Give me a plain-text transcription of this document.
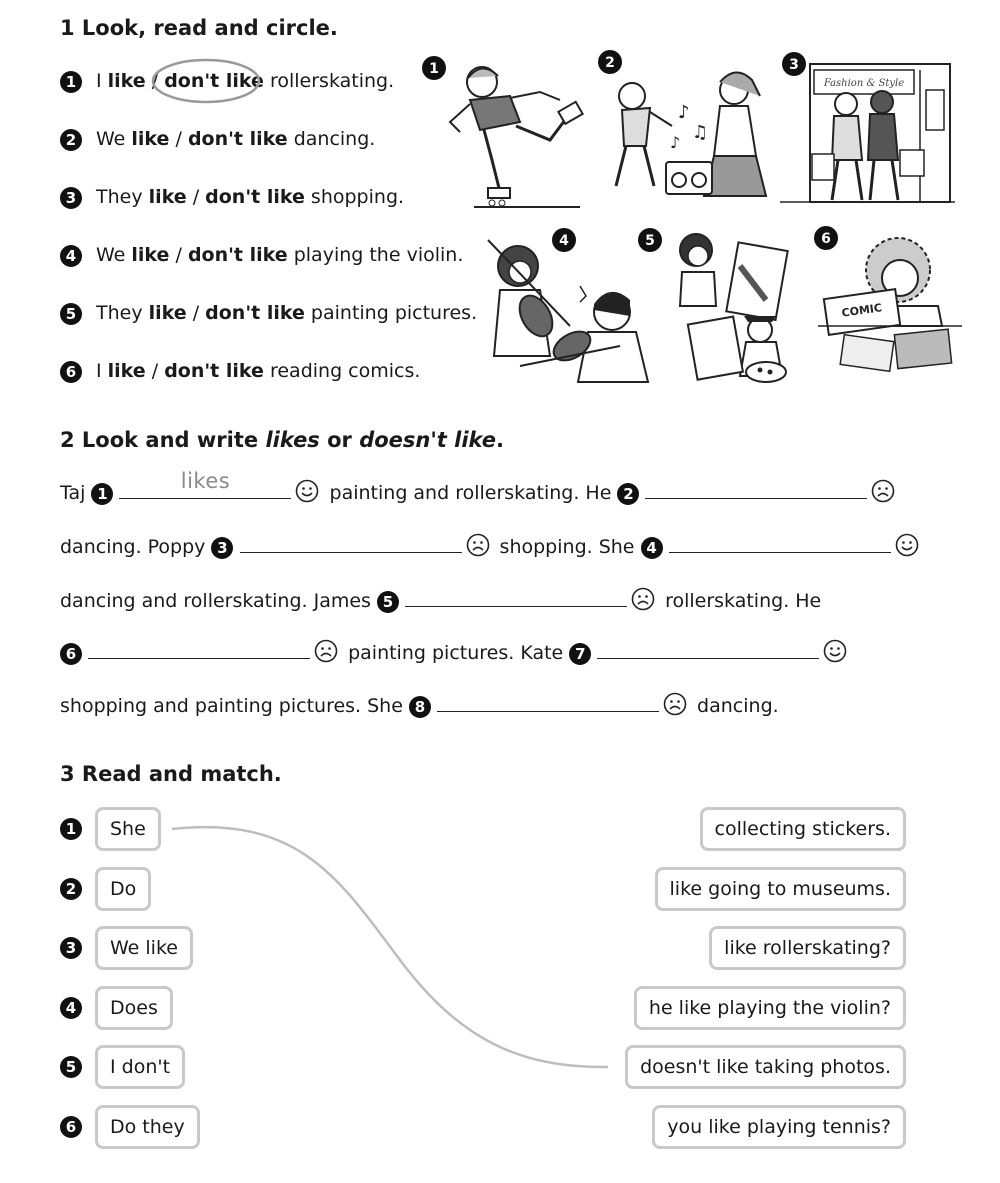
1 Look, read and circle.
1 I like / don't like rollerskating.
2 We like / don't like dancing.
3 They like / don't like shopping.
4 We like / don't like playing the violin.
5 They like / don't like painting pictures.
6 I like / don't like reading comics.
1	2
♪
♫
♪
3
Fashion & Style
4	5	6
COMIC
2 Look and write likes or doesn't like.
Taj 1
likes	painting and rollerskating. He 2
dancing. Poppy 3	shopping. She 4
dancing and rollerskating. James 5	rollerskating. He
6	painting pictures. Kate 7
shopping and painting pictures. She 8	dancing.
3 Read and match.
1	She
2	Do
3	We like
4	Does
5	I don't
6	Do they
collecting stickers.
like going to museums.
like rollerskating?
he like playing the violin?
doesn't like taking photos.
you like playing tennis?
